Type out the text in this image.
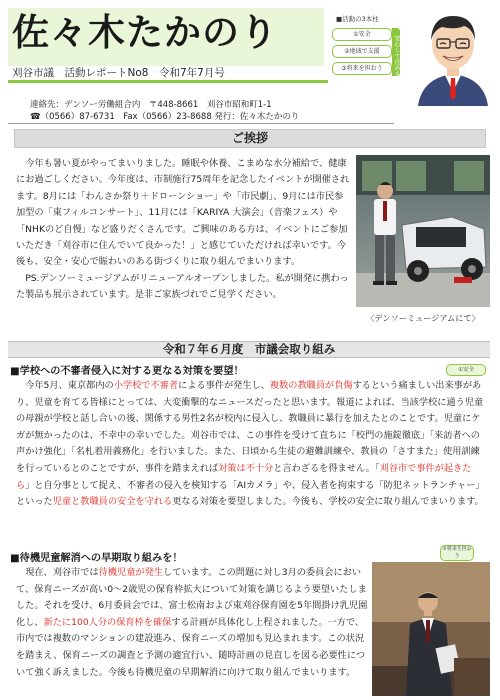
佐々木たかのり
刈谷市議　活動レポートNo8　令和7年7月号
■活動の3本柱
①安全
②地域で支援
③将来を担おう	安心して住める
連絡先：デンソー労働組合内　〒448-8661　刈谷市昭和町1-1
☎（0566）87-6731　Fax（0566）23-8688 発行：佐々木たかのり
ご挨拶

今年も暑い夏がやってまいりました。睡眠や休養、こまめな水分補給で、健康にお過ごしください。今年度は、市制施行75周年を記念したイベントが開催されます。8月には「わんさか祭り＋ドローンショー」や「市民劇」、9月には市民参加型の「東フィルコンサート」、11月には「KARIYA 大演会」（音楽フェス）や「NHKのど自慢」など盛りだくさんです。ご興味のある方は、イベントにご参加いただき「刈谷市に住んでいて良かった！」と感じていただければ幸いです。今後も、安全・安心で賑わいのある街づくりに取り組んでまいります。

PS.デンソーミュージアムがリニューアルオープンしました。私が開発に携わった製品も展示されています。是非ご家族づれでご見学ください。

〈デンソーミュージアムにて〉
令和７年６月度　市議会取り組み
■学校への不審者侵入に対する更なる対策を要望！	①安全

今年5月、東京都内の小学校で不審者による事件が発生し、複数の教職員が負傷するという痛ましい出来事があり、児童を育てる皆様にとっては、大変衝撃的なニュースだったと思います。報道によれば、当該学校に通う児童の母親が学校と話し合いの後、関係する男性2名が校内に侵入し、教職員に暴行を加えたとのことです。児童にケガが無かったのは、不幸中の幸いでした。刈谷市では、この事件を受けて直ちに「校門の施錠徹底」「来訪者への声かけ強化」「名札着用義務化」を行いました。また、日頃から生徒の避難訓練や、教員の「さすまた」使用訓練を行っているとのことですが、事件を踏まえれば対策は不十分と言わざるを得ません。「刈谷市で事件が起きたら」と自分事として捉え、不審者の侵入を検知する「AIカメラ」や、侵入者を拘束する「防犯ネットランチャー」といった児童と教職員の安全を守れる更なる対策を要望しました。今後も、学校の安全に取り組んでまいります。

■待機児童解消への早期取り組みを！
③将来を担おう

現在、刈谷市では待機児童が発生しています。この問題に対し3月の委員会において、保育ニーズが高い0〜2歳児の保育枠拡大について対策を講じるよう要望いたしました。それを受け、6月委員会では、富士松南および東刈谷保育園を5年間掛け乳児園化し、新たに100人分の保育枠を確保する計画が具体化し上程されました。一方で、市内では複数のマンションの建設進み、保育ニーズの増加も見込まれます。この状況を踏まえ、保育ニーズの調査と予測の適宜行い、随時計画の見直しを図る必要性について強く訴えました。今後も待機児童の早期解消に向けて取り組んでまいります。
